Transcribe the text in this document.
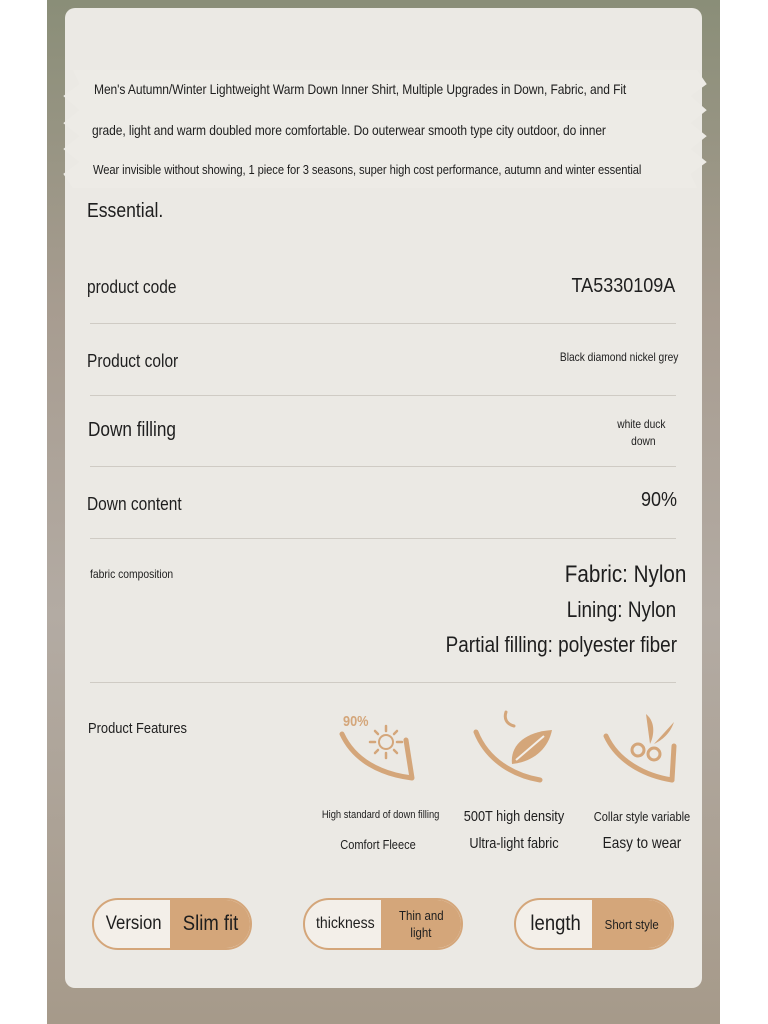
Men's Autumn/Winter Lightweight Warm Down Inner Shirt, Multiple Upgrades in Down, Fabric, and Fit
grade, light and warm doubled more comfortable. Do outerwear smooth type city outdoor, do inner
Wear invisible without showing, 1 piece for 3 seasons, super high cost performance, autumn and winter essential
Essential.
product code	TA5330109A
Product color	Black diamond nickel grey
Down filling	white duck
down
Down content	90%
fabric composition	Fabric: Nylon
Lining: Nylon
Partial filling: polyester fiber
Product Features	90%
High standard of down filling
Comfort Fleece
500T high density
Ultra-light fabric
Collar style variable
Easy to wear
Version Slim fit	thickness Thin and
light	length Short style
